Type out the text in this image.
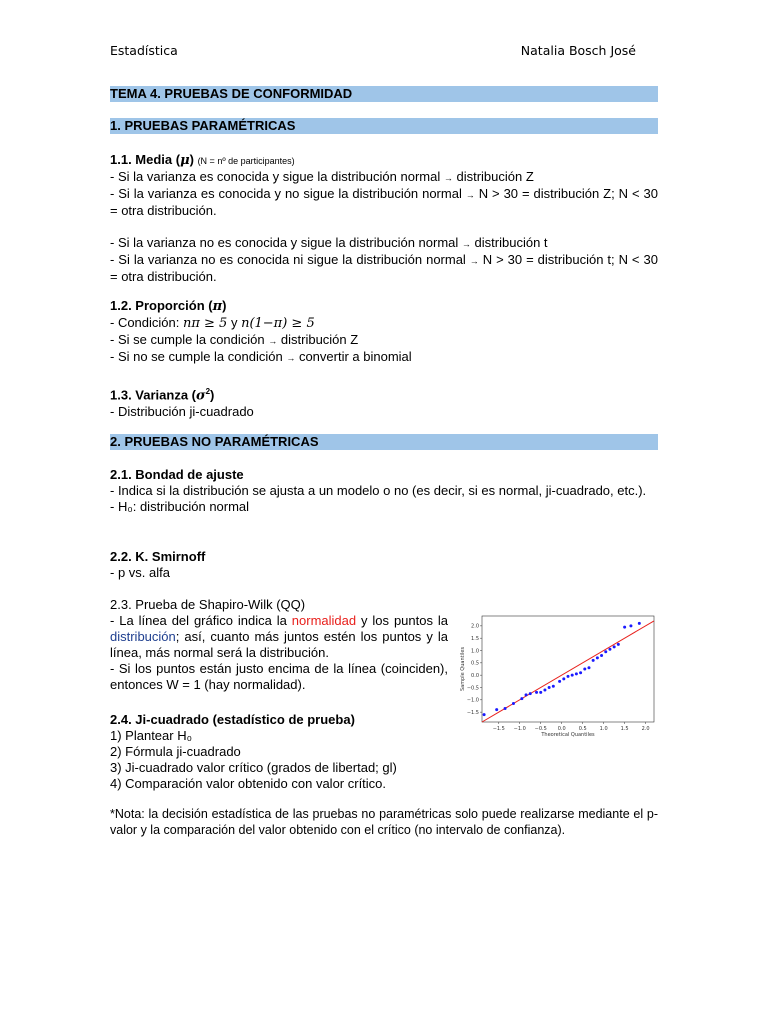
Estadística	Natalia Bosch José
TEMA 4. PRUEBAS DE CONFORMIDAD
1. PRUEBAS PARAMÉTRICAS
1.1. Media (μ) (N = nº de participantes)
- Si la varianza es conocida y sigue la distribución normal → distribución Z
- Si la varianza es conocida y no sigue la distribución normal → N > 30 = distribución Z; N < 30 = otra distribución.
- Si la varianza no es conocida y sigue la distribución normal → distribución t
- Si la varianza no es conocida ni sigue la distribución normal → N > 30 = distribución t; N < 30 = otra distribución.
1.2. Proporción (π)
- Condición: nπ ≥ 5 y n(1−π) ≥ 5
- Si se cumple la condición → distribución Z
- Si no se cumple la condición → convertir a binomial
1.3. Varianza $(\sigma^2)$
- Distribución ji-cuadrado
2. PRUEBAS NO PARAMÉTRICAS
2.1. Bondad de ajuste
- Indica si la distribución se ajusta a un modelo o no (es decir, si es normal, ji-cuadrado, etc.).
- H₀: distribución normal
2.2. K. Smirnoff
- p vs. alfa
2.3. Prueba de Shapiro-Wilk (QQ)
- La línea del gráfico indica la normalidad y los puntos la distribución; así, cuanto más juntos estén los puntos y la línea, más normal será la distribución.
- Si los puntos están justo encima de la línea (coinciden), entonces W = 1 (hay normalidad).
−1.5 −1.0 −0.5 0.0	0.5	1.0	1.5	2.0
2.0
1.5
1.0
0.5
0.0
−0.5
−1.0
−1.5
Theoretical Quantiles
Sample Quantiles
2.4. Ji-cuadrado (estadístico de prueba)
1) Plantear H₀
2) Fórmula ji-cuadrado
3) Ji-cuadrado valor crítico (grados de libertad; gl)
4) Comparación valor obtenido con valor crítico.
*Nota: la decisión estadística de las pruebas no paramétricas solo puede realizarse mediante el p-valor y la comparación del valor obtenido con el crítico (no intervalo de confianza).
